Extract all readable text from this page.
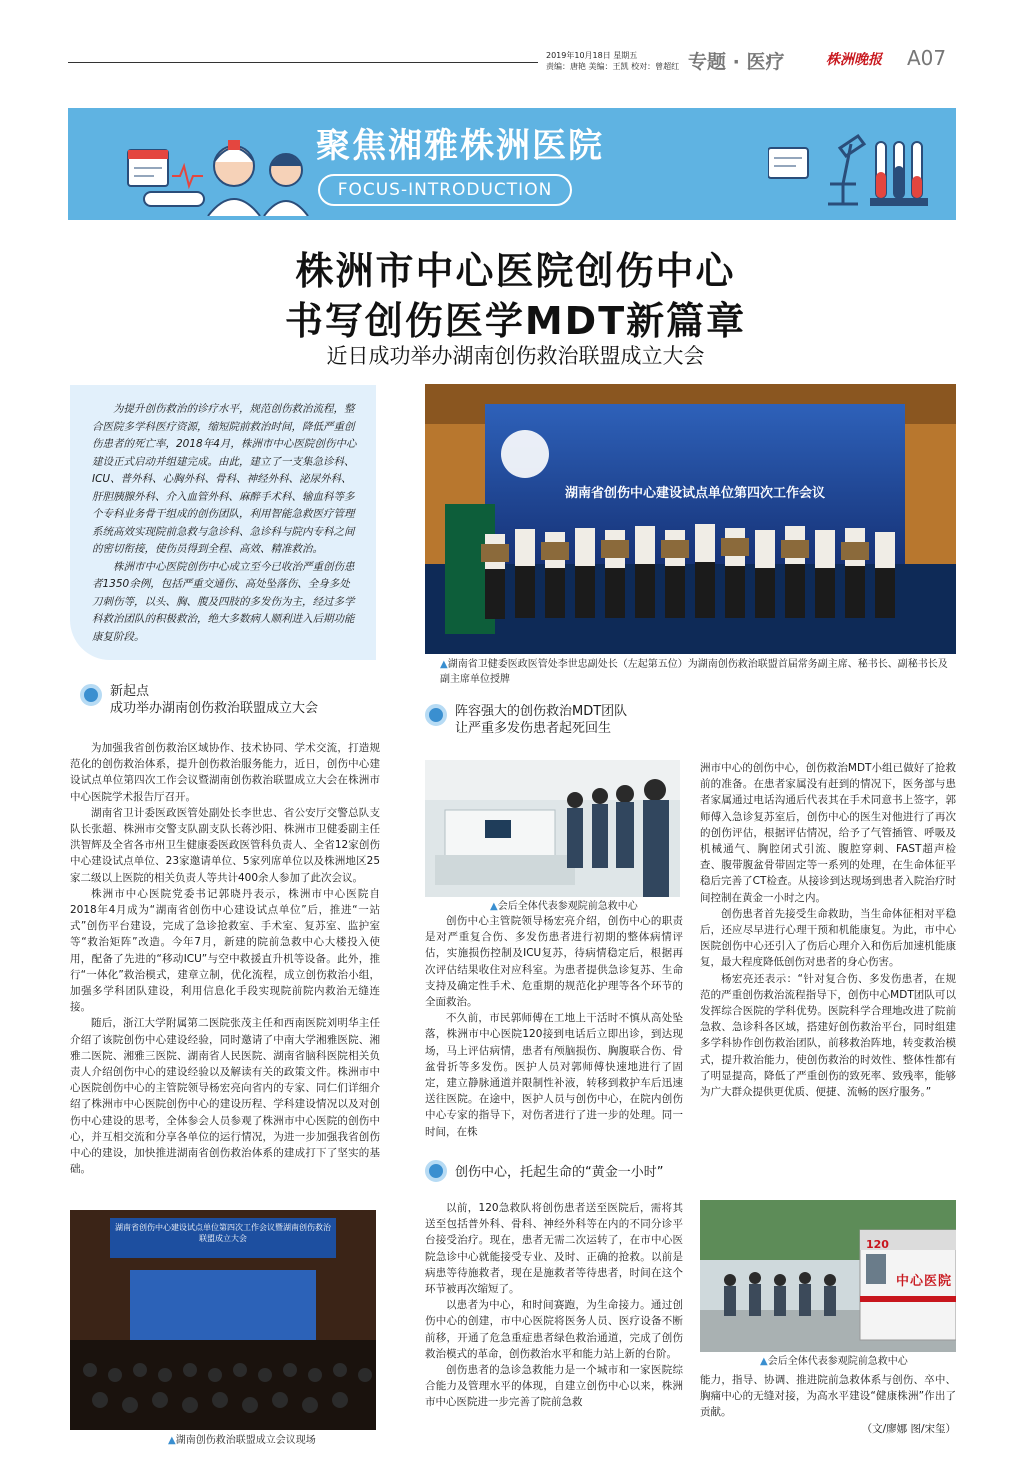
2019年10月18日 星期五
责编：唐艳 美编：王凯 校对：曾超红 专题 · 医疗	株洲晚报 A07
聚焦湘雅株洲医院
FOCUS-INTRODUCTION
株洲市中心医院创伤中心
书写创伤医学MDT新篇章
近日成功举办湖南创伤救治联盟成立大会

为提升创伤救治的诊疗水平，规范创伤救治流程，整合医院多学科医疗资源，缩短院前救治时间，降低严重创伤患者的死亡率，2018年4月，株洲市中心医院创伤中心建设正式启动并组建完成。由此，建立了一支集急诊科、ICU、普外科、心胸外科、骨科、神经外科、泌尿外科、肝胆胰腺外科、介入血管外科、麻醉手术科、输血科等多个专科业务骨干组成的创伤团队，利用智能急救医疗管理系统高效实现院前急救与急诊科、急诊科与院内专科之间的密切衔接，使伤员得到全程、高效、精准救治。

株洲市中心医院创伤中心成立至今已收治严重创伤患者1350余例，包括严重交通伤、高处坠落伤、全身多处刀刺伤等，以头、胸、腹及四肢的多发伤为主，经过多学科救治团队的积极救治，绝大多数病人顺利进入后期功能康复阶段。

湖南省创伤中心建设试点单位第四次工作会议
▲湖南省卫健委医政医管处李世忠副处长（左起第五位）为湖南创伤救治联盟首届常务副主席、秘书长、副秘书长及副主席单位授牌
新起点
成功举办湖南创伤救治联盟成立大会

为加强我省创伤救治区域协作、技术协同、学术交流，打造规范化的创伤救治体系，提升创伤救治服务能力，近日，创伤中心建设试点单位第四次工作会议暨湖南创伤救治联盟成立大会在株洲市中心医院学术报告厅召开。

湖南省卫计委医政医管处副处长李世忠、省公安厅交警总队支队长张超、株洲市交警支队副支队长蒋沙阳、株洲市卫健委副主任洪智辉及全省各市州卫生健康委医政医管科负责人、全省12家创伤中心建设试点单位、23家邀请单位、5家列席单位以及株洲地区25家二级以上医院的相关负责人等共计400余人参加了此次会议。

株洲市中心医院党委书记郭晓丹表示，株洲市中心医院自2018年4月成为“湖南省创伤中心建设试点单位”后，推进“一站式”创伤平台建设，完成了急诊抢救室、手术室、复苏室、监护室等“救治矩阵”改造。今年7月，新建的院前急救中心大楼投入使用，配备了先进的“移动ICU”与空中救援直升机等设备。此外，推行“一体化”救治模式，建章立制，优化流程，成立创伤救治小组，加强多学科团队建设，利用信息化手段实现院前院内救治无缝连接。

随后，浙江大学附属第二医院张茂主任和西南医院刘明华主任介绍了该院创伤中心建设经验，同时邀请了中南大学湘雅医院、湘雅二医院、湘雅三医院、湖南省人民医院、湖南省脑科医院相关负责人介绍创伤中心的建设经验以及解读有关的政策文件。株洲市中心医院创伤中心的主管院领导杨宏亮向省内的专家、同仁们详细介绍了株洲市中心医院创伤中心的建设历程、学科建设情况以及对创伤中心建设的思考，全体参会人员参观了株洲市中心医院的创伤中心，并互相交流和分享各单位的运行情况，为进一步加强我省创伤中心的建设，加快推进湖南省创伤救治体系的建成打下了坚实的基础。

湖南省创伤中心建设试点单位第四次工作会议暨湖南创伤救治联盟成立大会
▲湖南创伤救治联盟成立会议现场
阵容强大的创伤救治MDT团队
让严重多发伤患者起死回生
▲会后全体代表参观院前急救中心

创伤中心主管院领导杨宏亮介绍，创伤中心的职责是对严重复合伤、多发伤患者进行初期的整体病情评估，实施损伤控制及ICU复苏，待病情稳定后，根据再次评估结果收住对应科室。为患者提供急诊复苏、生命支持及确定性手术、危重期的规范化护理等各个环节的全面救治。

不久前，市民郭师傅在工地上干活时不慎从高处坠落，株洲市中心医院120接到电话后立即出诊，到达现场，马上评估病情，患者有颅脑损伤、胸腹联合伤、骨盆骨折等多发伤。医护人员对郭师傅快速地进行了固定，建立静脉通道并限制性补液，转移到救护车后迅速送往医院。在途中，医护人员与创伤中心，在院内创伤中心专家的指导下，对伤者进行了进一步的处理。同一时间，在株

洲市中心的创伤中心，创伤救治MDT小组已做好了抢救前的准备。在患者家属没有赶到的情况下，医务部与患者家属通过电话沟通后代表其在手术同意书上签字，郭师傅入急诊复苏室后，创伤中心的医生对他进行了再次的创伤评估，根据评估情况，给予了气管插管、呼吸及机械通气、胸腔闭式引流、腹腔穿刺、FAST超声检查、腹带腹盆骨带固定等一系列的处理，在生命体征平稳后完善了CT检查。从接诊到达现场到患者入院治疗时间控制在黄金一小时之内。

创伤患者首先接受生命救助，当生命体征相对平稳后，还应尽早进行心理干预和机能康复。为此，市中心医院创伤中心还引入了伤后心理介入和伤后加速机能康复，最大程度降低创伤对患者的身心伤害。

杨宏亮还表示：“针对复合伤、多发伤患者，在规范的严重创伤救治流程指导下，创伤中心MDT团队可以发挥综合医院的学科优势。医院科学合理地改进了院前急救、急诊科各区域，搭建好创伤救治平台，同时组建多学科协作创伤救治团队，前移救治阵地，转变救治模式，提升救治能力，使创伤救治的时效性、整体性都有了明显提高，降低了严重创伤的致死率、致残率，能够为广大群众提供更优质、便捷、流畅的医疗服务。”

创伤中心，托起生命的“黄金一小时”

以前，120急救队将创伤患者送至医院后，需将其送至包括普外科、骨科、神经外科等在内的不同分诊平台接受治疗。现在，患者无需二次运转了，在市中心医院急诊中心就能接受专业、及时、正确的抢救。以前是病患等待施救者，现在是施救者等待患者，时间在这个环节被再次缩短了。

以患者为中心，和时间赛跑，为生命接力。通过创伤中心的创建，市中心医院将医务人员、医疗设备不断前移，开通了危急重症患者绿色救治通道，完成了创伤救治模式的革命，创伤救治水平和能力站上新的台阶。

创伤患者的急诊急救能力是一个城市和一家医院综合能力及管理水平的体现，自建立创伤中心以来，株洲市中心医院进一步完善了院前急救

120
中心医院
▲会后全体代表参观院前急救中心

能力，指导、协调、推进院前急救体系与创伤、卒中、胸痛中心的无缝对接，为高水平建设“健康株洲”作出了贡献。

（文/廖娜 图/宋玺）
